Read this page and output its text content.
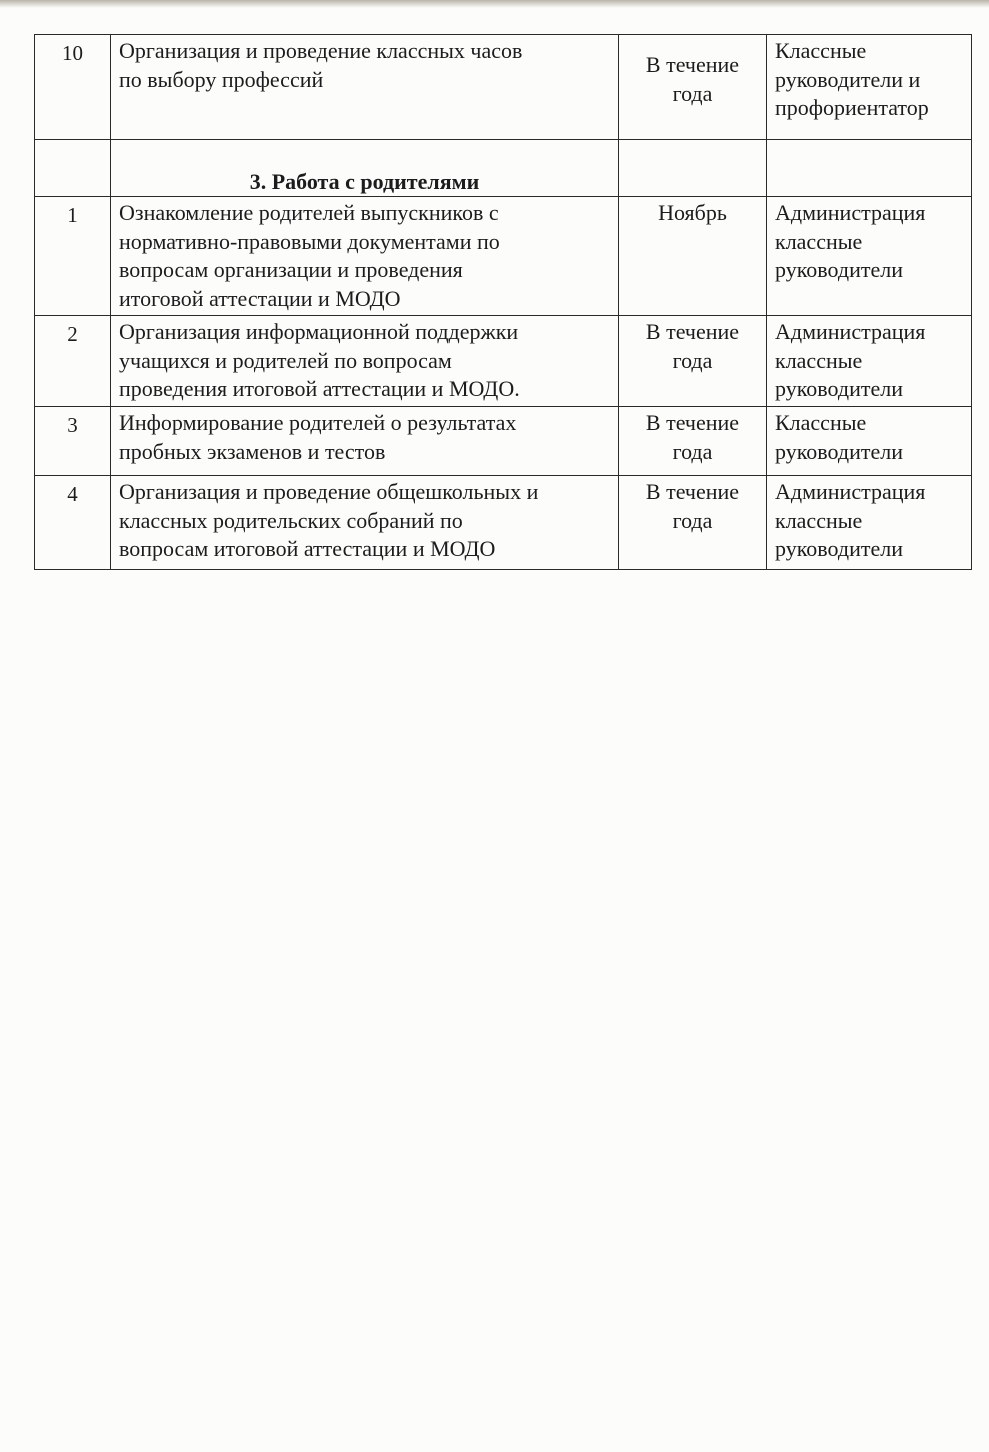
10	Организация и проведение классных часов
по выбору профессий	В течение
года	Классные
руководители и
профориентатор

	3. Работа с родителями		
1	Ознакомление родителей выпускников с
нормативно-правовыми документами по
вопросам организации и проведения
итоговой аттестации и МОДО	Ноябрь	Администрация
классные
руководители

2	Организация информационной поддержки
учащихся и родителей по вопросам
проведения итоговой аттестации и МОДО.	В течение
года	Администрация
классные
руководители

3	Информирование родителей о результатах
пробных экзаменов и тестов	В течение
года	Классные
руководители

4	Организация и проведение общешкольных и
классных родительских собраний по
вопросам итоговой аттестации и МОДО	В течение
года	Администрация
классные
руководители
